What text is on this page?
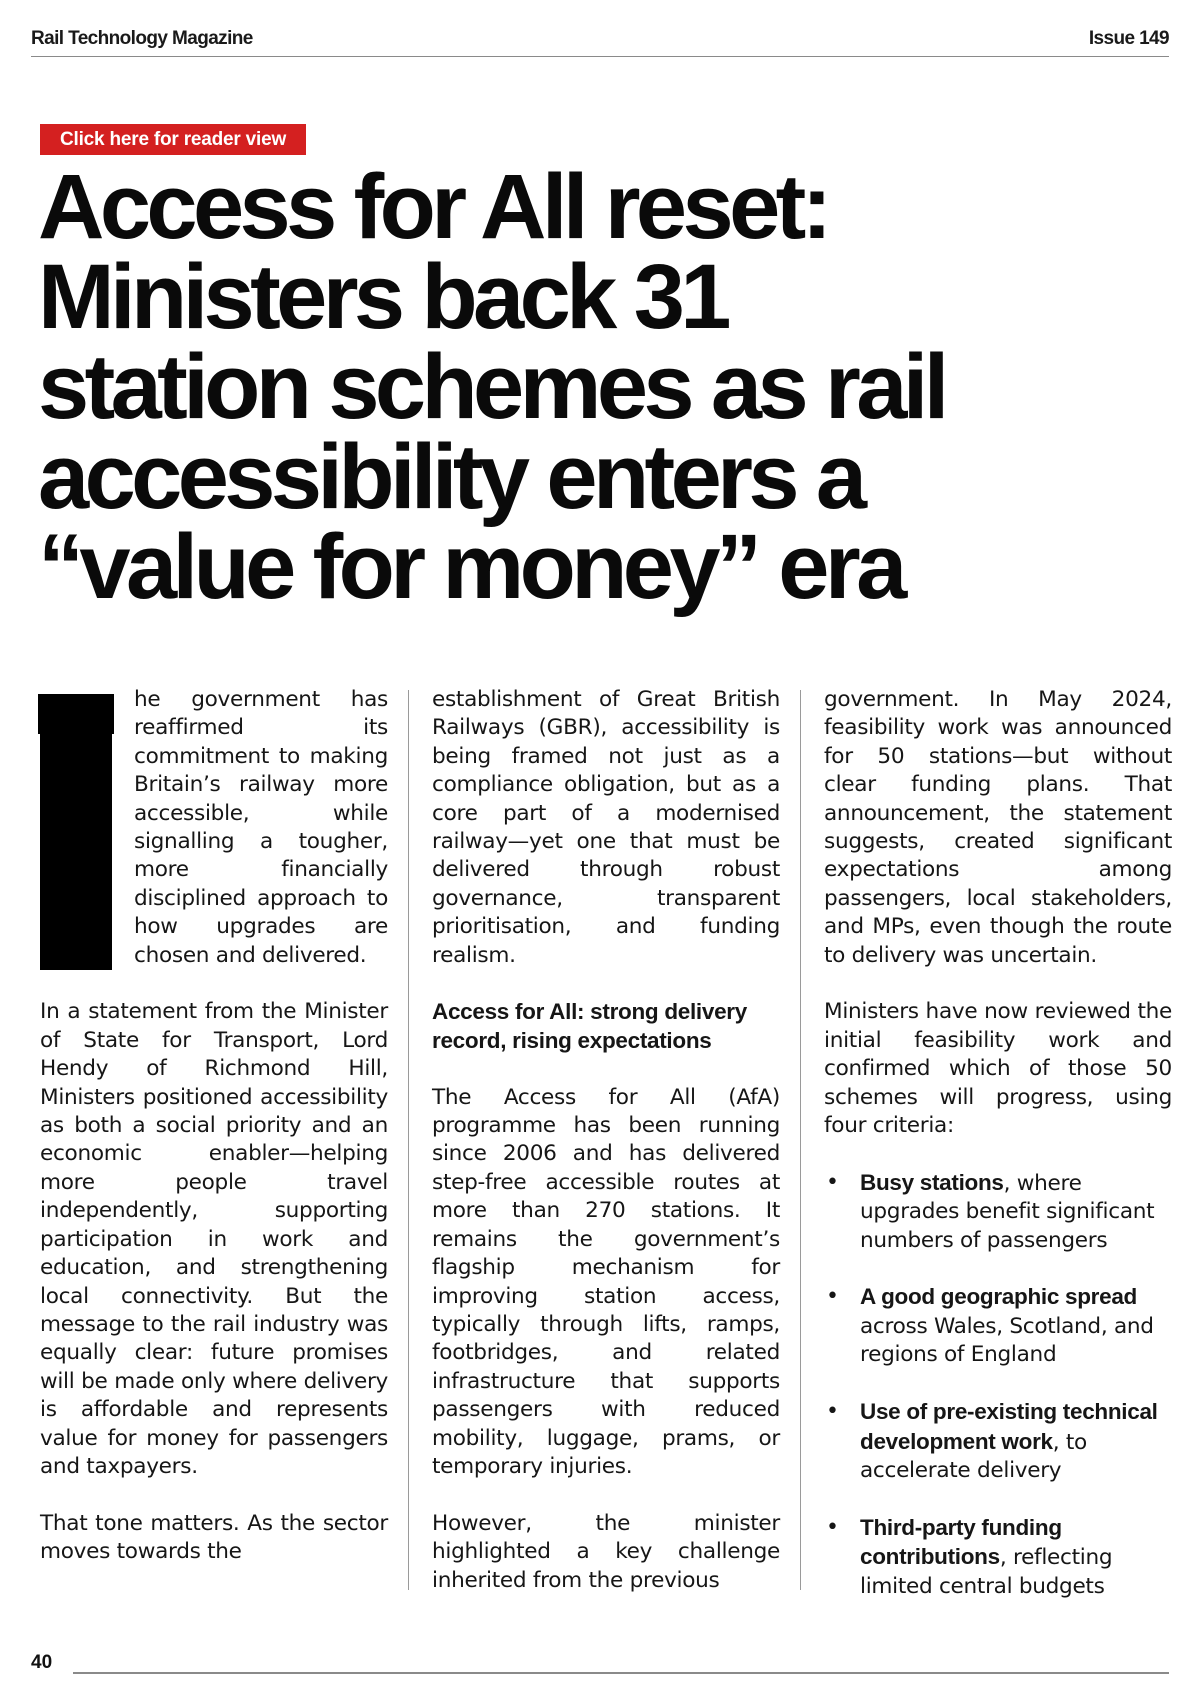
Rail Technology Magazine	Issue 149
Click here for reader view
Access for All reset:
Ministers back 31
station schemes as rail
accessibility enters a
“value for money” era

he government has reaffirmed its commitment to making Britain’s railway more accessible, while signalling a tougher, more financially disciplined approach to how upgrades are chosen and delivered.

In a statement from the Minister of State for Transport, Lord Hendy of Richmond Hill, Ministers positioned accessibility as both a social priority and an economic enabler—helping more people travel independently, supporting participation in work and education, and strengthening local connectivity. But the message to the rail industry was equally clear: future promises will be made only where delivery is affordable and represents value for money for passengers and taxpayers.

That tone matters. As the sector moves towards the

establishment of Great British Railways (GBR), accessibility is being framed not just as a compliance obligation, but as a core part of a modernised railway—yet one that must be delivered through robust governance, transparent prioritisation, and funding realism.

Access for All: strong delivery record, rising expectations

The Access for All (AfA) programme has been running since 2006 and has delivered step-free accessible routes at more than 270 stations. It remains the government’s flagship mechanism for improving station access, typically through lifts, ramps, footbridges, and related infrastructure that supports passengers with reduced mobility, luggage, prams, or temporary injuries.

However, the minister highlighted a key challenge inherited from the previous

government. In May 2024, feasibility work was announced for 50 stations—but without clear funding plans. That announcement, the statement suggests, created significant expectations among passengers, local stakeholders, and MPs, even though the route to delivery was uncertain.

Ministers have now reviewed the initial feasibility work and confirmed which of those 50 schemes will progress, using four criteria:

• Busy stations, where upgrades benefit significant numbers of passengers
• A good geographic spread across Wales, Scotland, and regions of England
• Use of pre-existing technical development work, to accelerate delivery
• Third-party funding contributions, reflecting limited central budgets
40
